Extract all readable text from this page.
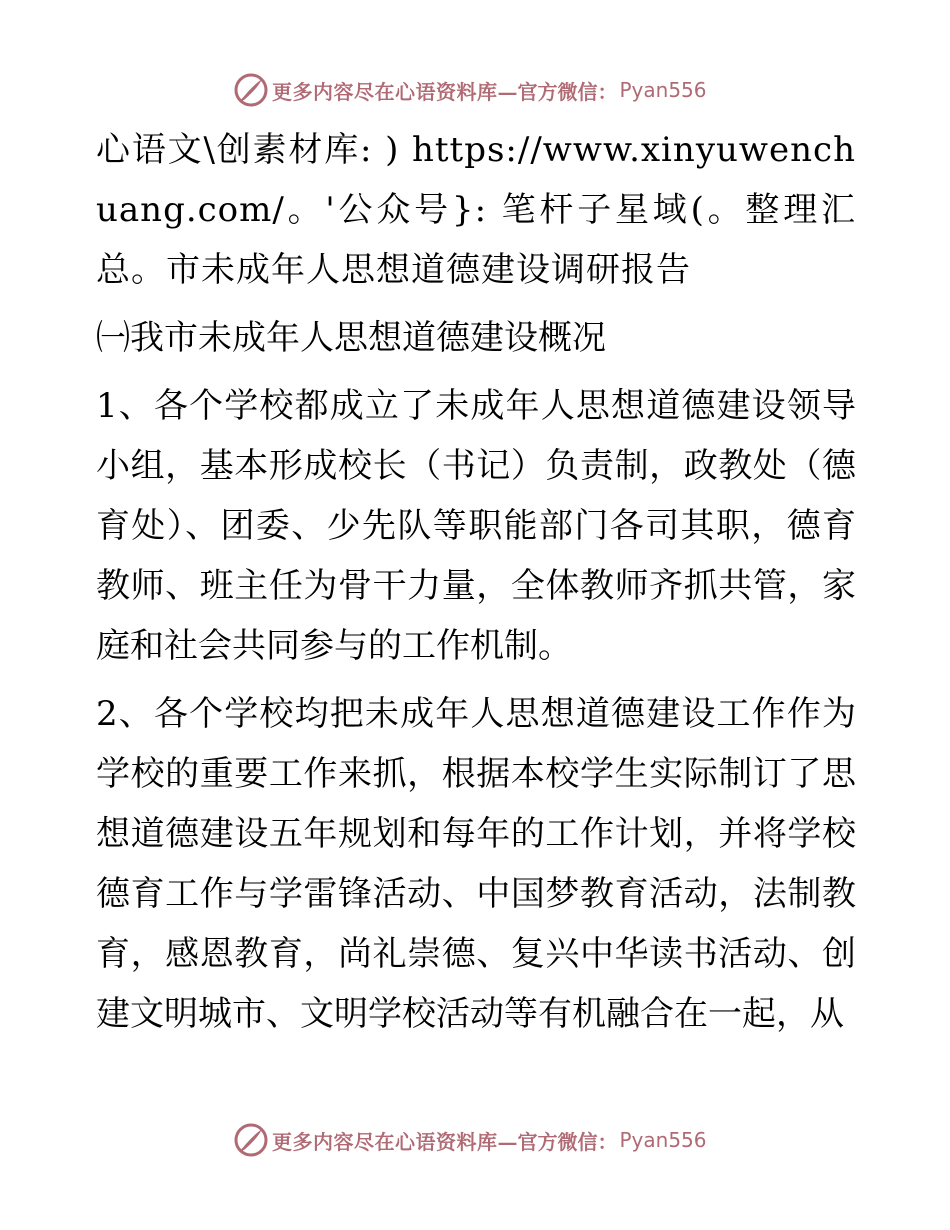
更多内容尽在心语资料库 —官方微信： Pyan556

心语文\创素材库: ) https://www.xinyuwenchuang.com/。'公众号}: 笔杆子星域(。整理汇总。市未成年人思想道德建设调研报告

㈠我市未成年人思想道德建设概况

1、各个学校都成立了未成年人思想道德建设领导小组，基本形成校长（书记）负责制，政教处（德育处）、团委、少先队等职能部门各司其职，德育教师、班主任为骨干力量，全体教师齐抓共管，家庭和社会共同参与的工作机制。

2、各个学校均把未成年人思想道德建设工作作为学校的重要工作来抓，根据本校学生实际制订了思想道德建设五年规划和每年的工作计划，并将学校德育工作与学雷锋活动、中国梦教育活动，法制教育，感恩教育，尚礼崇德、复兴中华读书活动、创建文明城市、文明学校活动等有机融合在一起，从

更多内容尽在心语资料库 —官方微信： Pyan556
